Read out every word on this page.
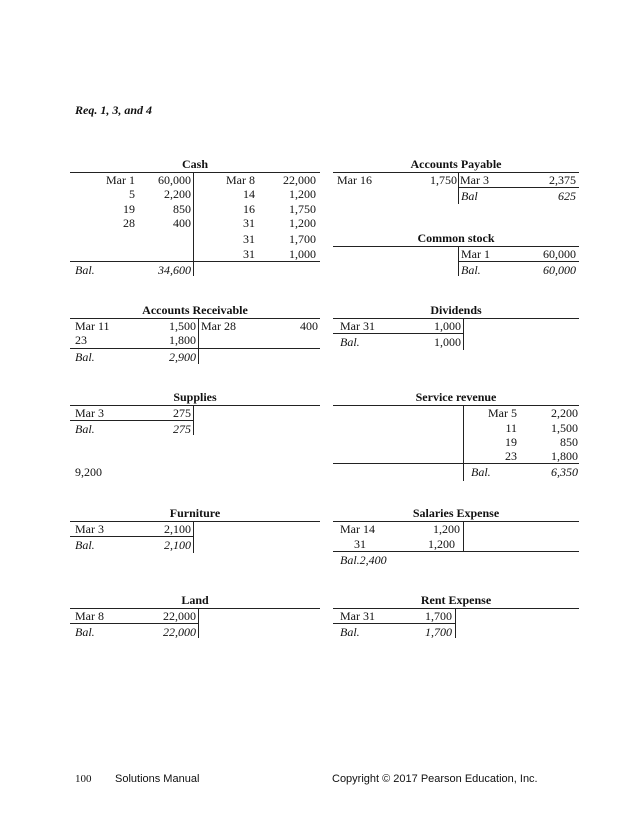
Req. 1, 3, and 4
Cash
Mar 1	60,000	Mar 8	22,000
5	2,200	14	1,200
19	850	16	1,750
28	400	31	1,200
31	1,700
31	1,000
Bal.	34,600
Accounts Payable
Mar 16	1,750 Mar 3	2,375
Bal	625
Common stock
Mar 1	60,000
Bal.	60,000
Accounts Receivable
Mar 11	1,500 Mar 28	400
23	1,800
Bal.	2,900
Dividends
Mar 31	1,000
Bal.	1,000
Supplies
Mar 3	275
Bal.	275
9,200
Service revenue
Mar 5	2,200
11	1,500
19	850
23	1,800
Bal.	6,350
Furniture
Mar 3	2,100
Bal.	2,100
Salaries Expense
Mar 14	1,200
31	1,200
Bal.2,400
Land
Mar 8	22,000
Bal.	22,000
Rent Expense
Mar 31	1,700
Bal.	1,700
100 Solutions Manual	Copyright © 2017 Pearson Education, Inc.
